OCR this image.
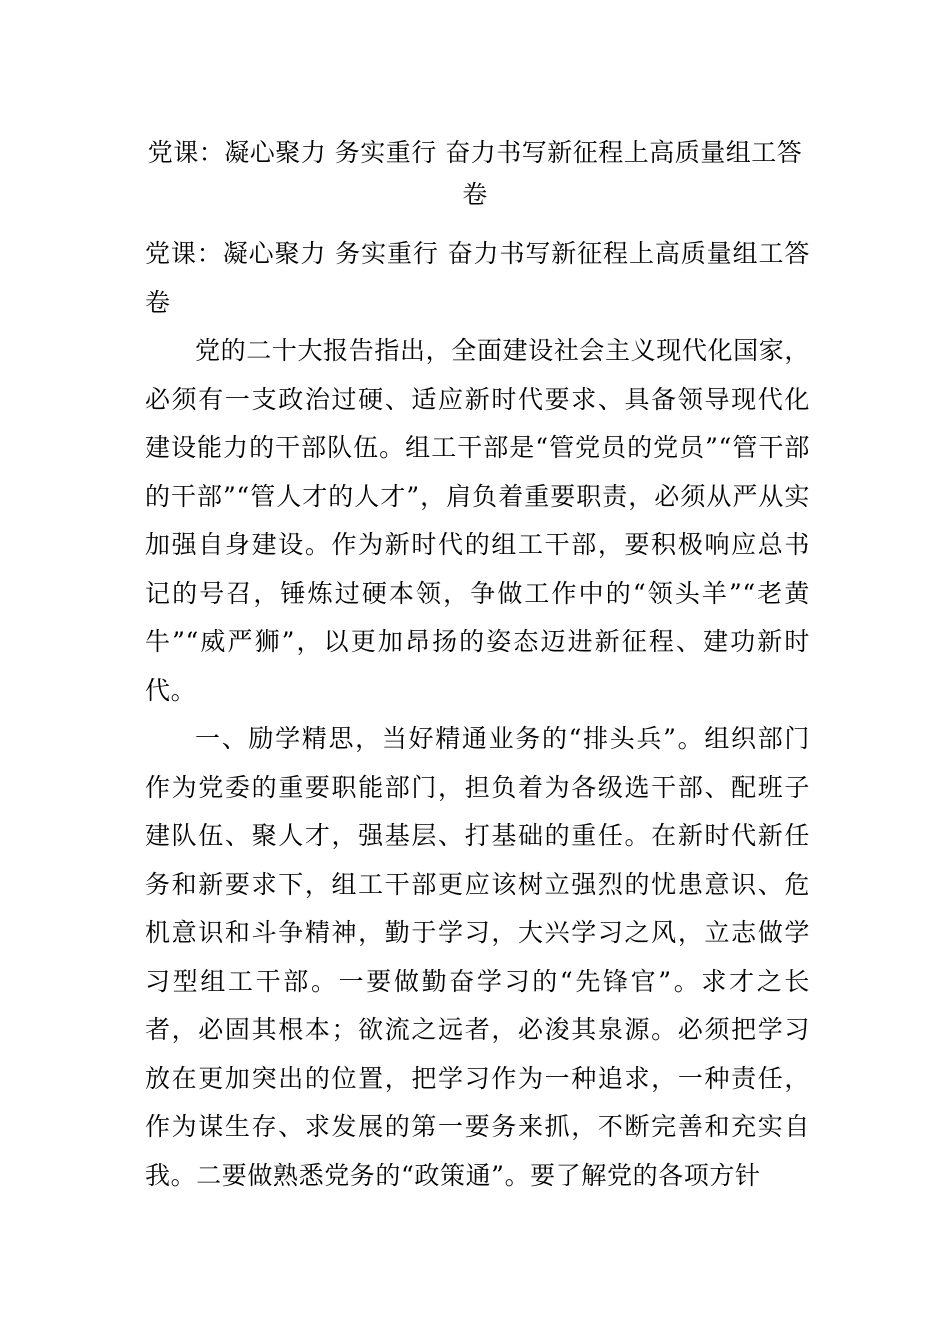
党课：凝心聚力 务实重行 奋力书写新征程上高质量组工答卷

党课：凝心聚力 务实重行 奋力书写新征程上高质量组工答卷

党的二十大报告指出，全面建设社会主义现代化国家，必须有一支政治过硬、适应新时代要求、具备领导现代化建设能力的干部队伍。组工干部是“管党员的党员”“管干部的干部”“管人才的人才”，肩负着重要职责，必须从严从实加强自身建设。作为新时代的组工干部，要积极响应总书记的号召，锤炼过硬本领，争做工作中的“领头羊”“老黄牛”“威严狮”，以更加昂扬的姿态迈进新征程、建功新时代。

一、励学精思，当好精通业务的“排头兵”。组织部门作为党委的重要职能部门，担负着为各级选干部、配班子建队伍、聚人才，强基层、打基础的重任。在新时代新任务和新要求下，组工干部更应该树立强烈的忧患意识、危机意识和斗争精神，勤于学习，大兴学习之风，立志做学习型组工干部。一要做勤奋学习的“先锋官”。求才之长者，必固其根本；欲流之远者，必浚其泉源。必须把学习放在更加突出的位置，把学习作为一种追求，一种责任，作为谋生存、求发展的第一要务来抓，不断完善和充实自我。二要做熟悉党务的“政策通”。要了解党的各项方针
